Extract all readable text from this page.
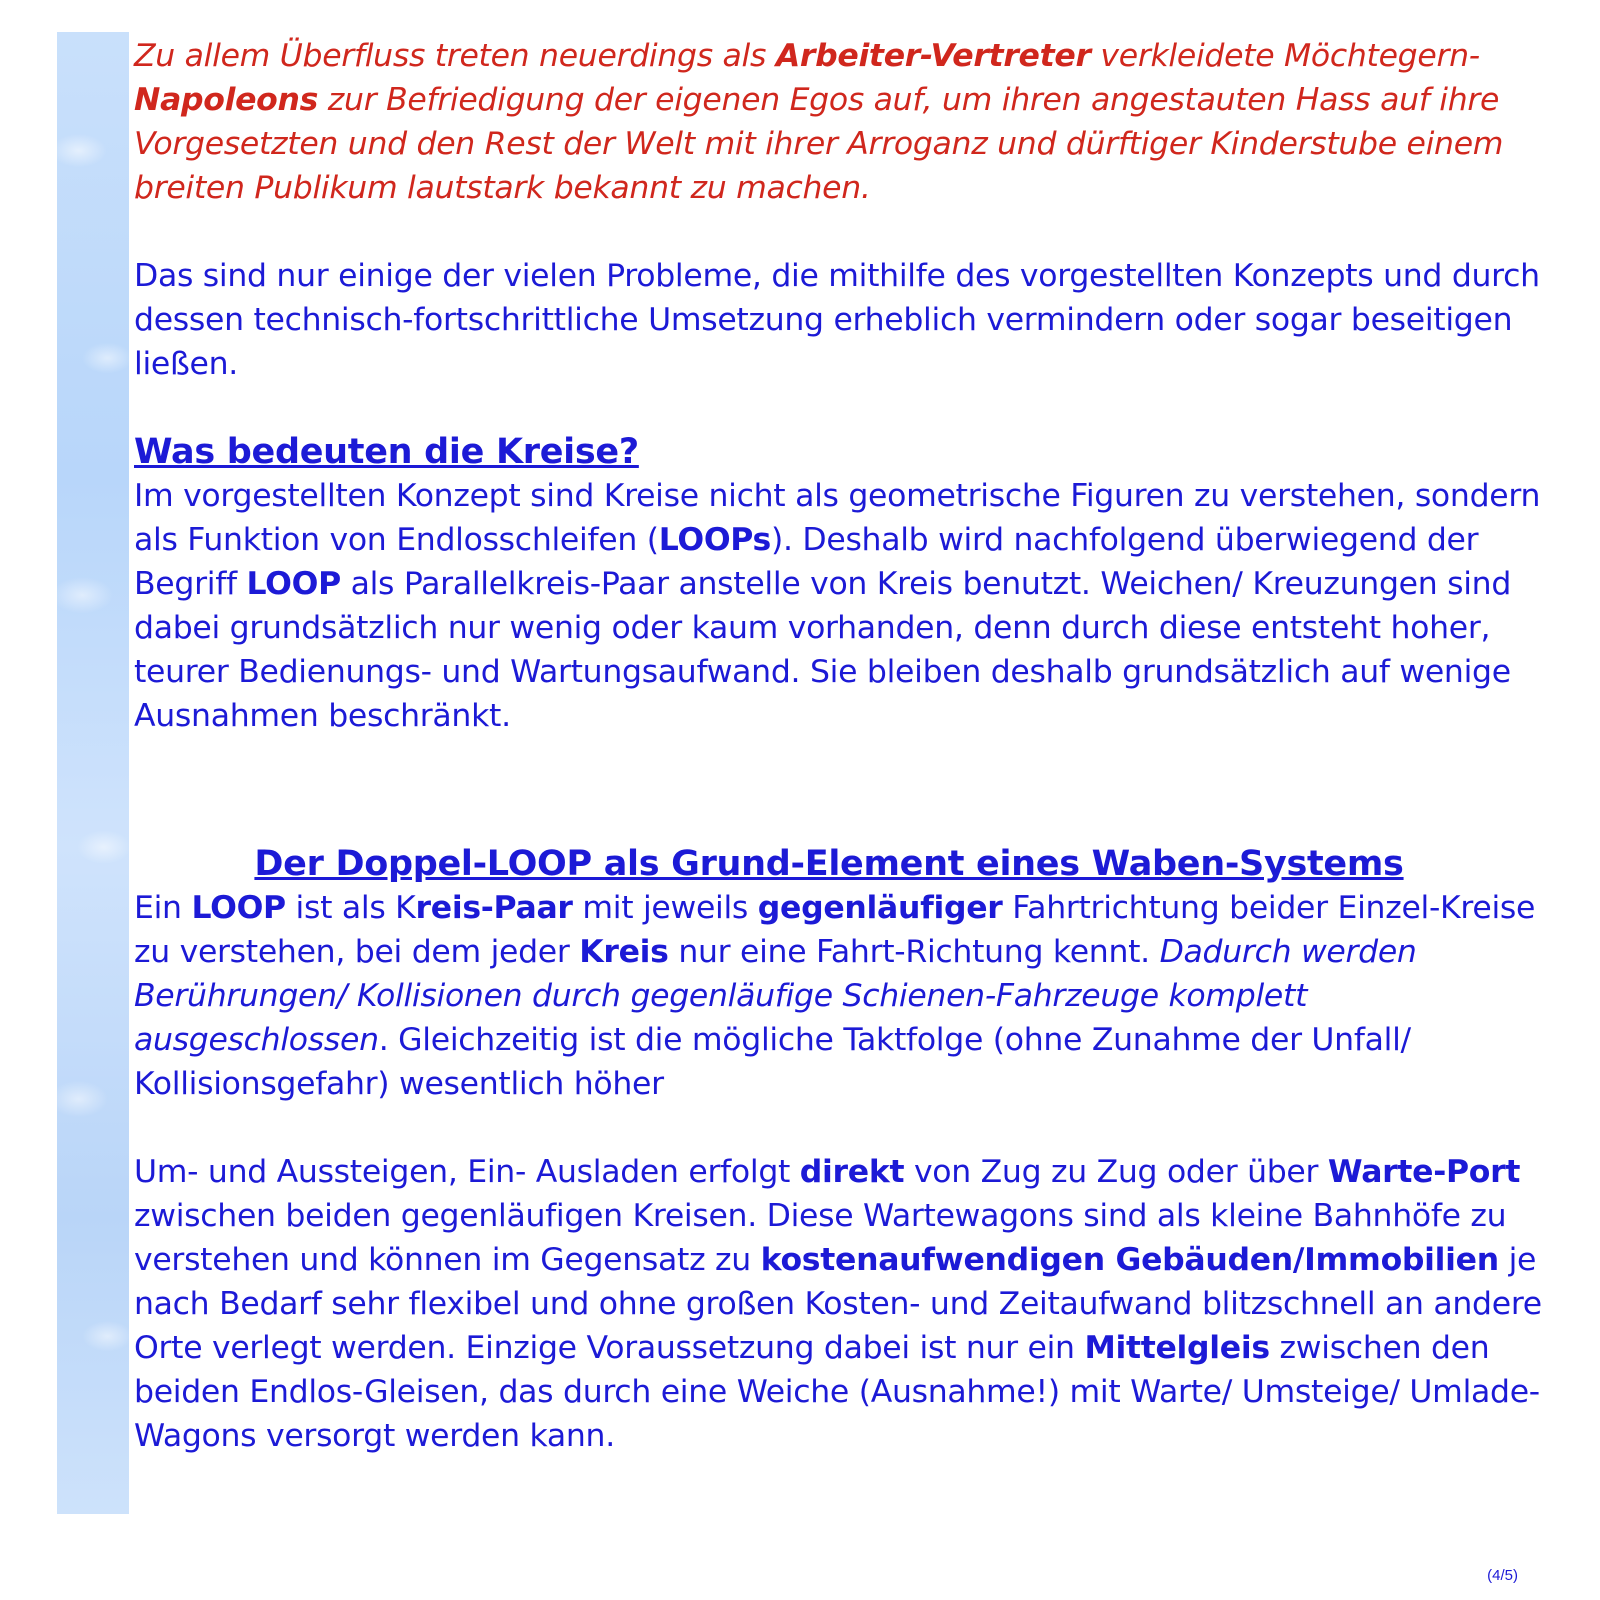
Zu allem Überfluss treten neuerdings als Arbeiter-Vertreter verkleidete Möchtegern-Napoleons zur Befriedigung der eigenen Egos auf, um ihren angestauten Hass auf ihre Vorgesetzten und den Rest der Welt mit ihrer Arroganz und dürftiger Kinderstube einem breiten Publikum lautstark bekannt zu machen.

Das sind nur einige der vielen Probleme, die mithilfe des vorgestellten Konzepts und durch dessen technisch-fortschrittliche Umsetzung erheblich vermindern oder sogar beseitigen ließen.

Was bedeuten die Kreise?

Im vorgestellten Konzept sind Kreise nicht als geometrische Figuren zu verstehen, sondern als Funktion von Endlosschleifen (LOOPs). Deshalb wird nachfolgend überwiegend der Begriff LOOP als Parallelkreis-Paar anstelle von Kreis benutzt. Weichen/ Kreuzungen sind dabei grundsätzlich nur wenig oder kaum vorhanden, denn durch diese entsteht hoher, teurer Bedienungs- und Wartungsaufwand. Sie bleiben deshalb grundsätzlich auf wenige Ausnahmen beschränkt.

Der Doppel-LOOP als Grund-Element eines Waben-Systems

Ein LOOP ist als Kreis-Paar mit jeweils gegenläufiger Fahrtrichtung beider Einzel-Kreise zu verstehen, bei dem jeder Kreis nur eine Fahrt-Richtung kennt. Dadurch werden Berührungen/ Kollisionen durch gegenläufige Schienen-Fahrzeuge komplett ausgeschlossen. Gleichzeitig ist die mögliche Taktfolge (ohne Zunahme der Unfall/ Kollisionsgefahr) wesentlich höher

Um- und Aussteigen, Ein- Ausladen erfolgt direkt von Zug zu Zug oder über Warte-Port zwischen beiden gegenläufigen Kreisen. Diese Wartewagons sind als kleine Bahnhöfe zu verstehen und können im Gegensatz zu kostenaufwendigen Gebäuden/Immobilien je nach Bedarf sehr flexibel und ohne großen Kosten- und Zeitaufwand blitzschnell an andere Orte verlegt werden. Einzige Voraussetzung dabei ist nur ein Mittelgleis zwischen den beiden Endlos-Gleisen, das durch eine Weiche (Ausnahme!) mit Warte/ Umsteige/ Umlade-Wagons versorgt werden kann.

(4/5)
